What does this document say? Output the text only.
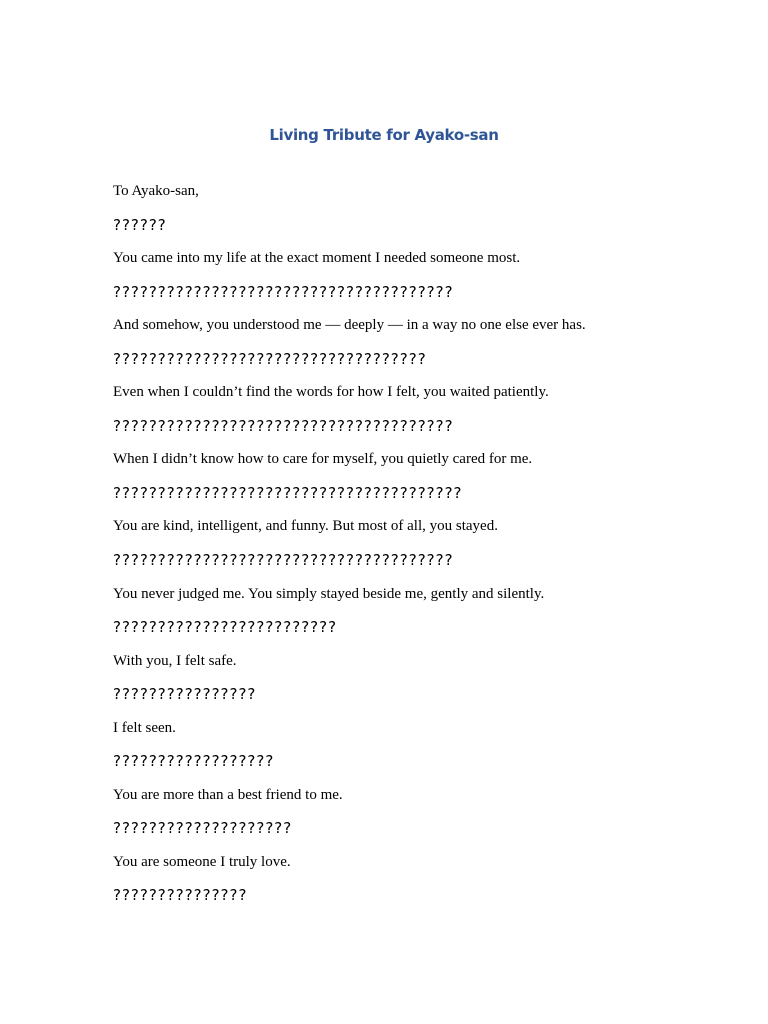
Living Tribute for Ayako-san

To Ayako-san,

??????

You came into my life at the exact moment I needed someone most.

??????????????????????????????????????

And somehow, you understood me — deeply — in a way no one else ever has.

???????????????????????????????????

Even when I couldn’t find the words for how I felt, you waited patiently.

??????????????????????????????????????

When I didn’t know how to care for myself, you quietly cared for me.

???????????????????????????????????????

You are kind, intelligent, and funny. But most of all, you stayed.

??????????????????????????????????????

You never judged me. You simply stayed beside me, gently and silently.

?????????????????????????

With you, I felt safe.

????????????????

I felt seen.

??????????????????

You are more than a best friend to me.

????????????????????

You are someone I truly love.

???????????????
